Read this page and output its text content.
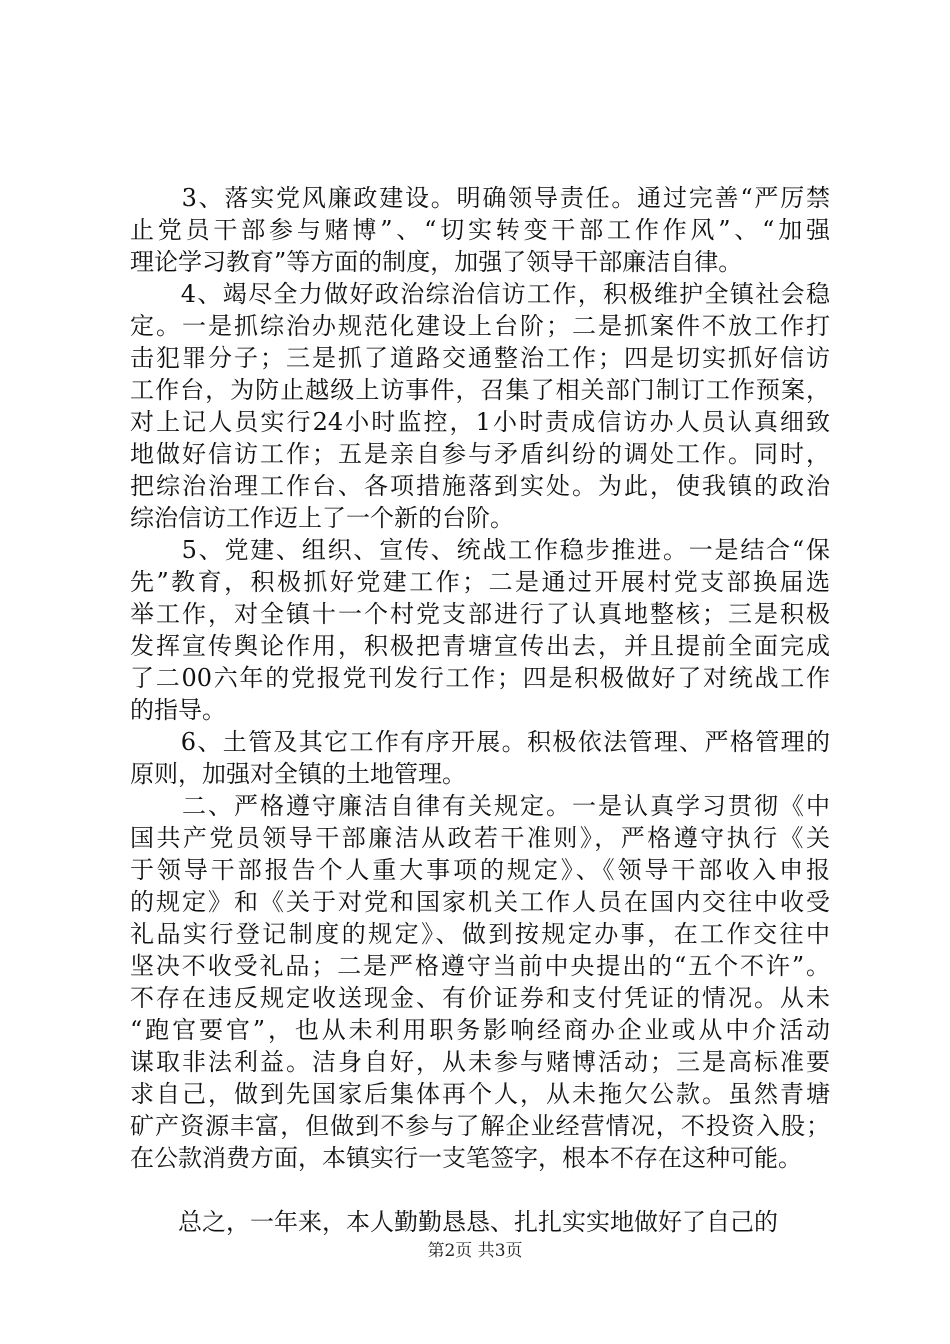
　　3、落实党风廉政建设。明确领导责任。通过完善“严厉禁
止党员干部参与赌博”、“切实转变干部工作作风”、“加强
理论学习教育”等方面的制度，加强了领导干部廉洁自律。
　　4、竭尽全力做好政治综治信访工作，积极维护全镇社会稳
定。一是抓综治办规范化建设上台阶；二是抓案件不放工作打
击犯罪分子；三是抓了道路交通整治工作；四是切实抓好信访
工作台，为防止越级上访事件，召集了相关部门制订工作预案，
对上记人员实行24小时监控，1小时责成信访办人员认真细致
地做好信访工作；五是亲自参与矛盾纠纷的调处工作。同时，
把综治治理工作台、各项措施落到实处。为此，使我镇的政治
综治信访工作迈上了一个新的台阶。
　　5、党建、组织、宣传、统战工作稳步推进。一是结合“保
先”教育，积极抓好党建工作；二是通过开展村党支部换届选
举工作，对全镇十一个村党支部进行了认真地整核；三是积极
发挥宣传舆论作用，积极把青塘宣传出去，并且提前全面完成
了二00六年的党报党刊发行工作；四是积极做好了对统战工作
的指导。
　　6、土管及其它工作有序开展。积极依法管理、严格管理的
原则，加强对全镇的土地管理。
　　二、严格遵守廉洁自律有关规定。一是认真学习贯彻《中
国共产党员领导干部廉洁从政若干准则》，严格遵守执行《关
于领导干部报告个人重大事项的规定》、《领导干部收入申报
的规定》和《关于对党和国家机关工作人员在国内交往中收受
礼品实行登记制度的规定》、做到按规定办事，在工作交往中
坚决不收受礼品；二是严格遵守当前中央提出的“五个不许”。
不存在违反规定收送现金、有价证券和支付凭证的情况。从未
“跑官要官”，也从未利用职务影响经商办企业或从中介活动
谋取非法利益。洁身自好，从未参与赌博活动；三是高标准要
求自己，做到先国家后集体再个人，从未拖欠公款。虽然青塘
矿产资源丰富，但做到不参与了解企业经营情况，不投资入股；
在公款消费方面，本镇实行一支笔签字，根本不存在这种可能。
　　总之，一年来，本人勤勤恳恳、扎扎实实地做好了自己的
第2页 共3页
